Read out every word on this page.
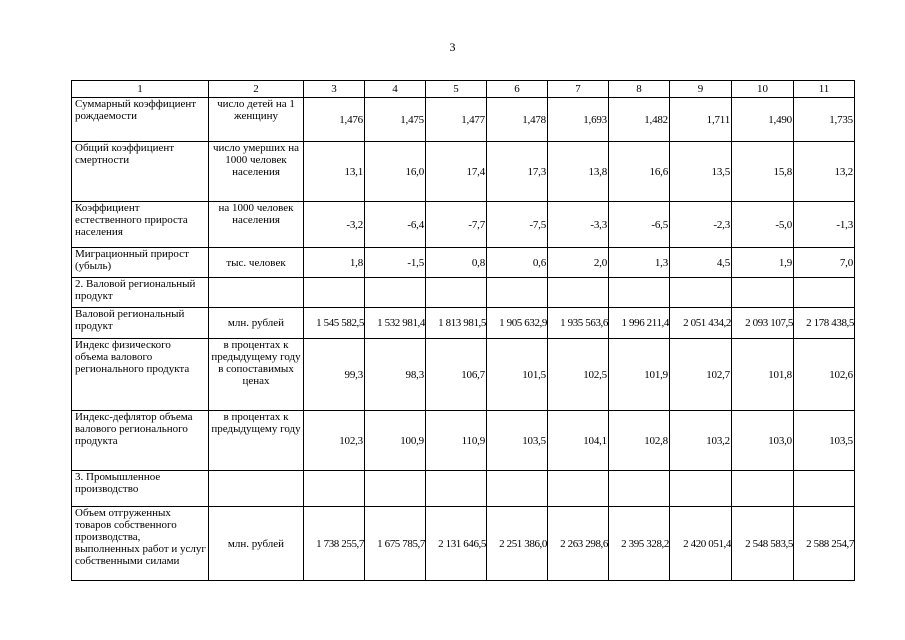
3
1	2	3	4	5	6	7	8	9	10	11
Суммарный коэффициент рождаемости	число детей на 1 женщину	1,476	1,475	1,477	1,478	1,693	1,482	1,711	1,490	1,735
Общий коэффициент смертности	число умерших на 1000 человек населения	13,1	16,0	17,4	17,3	13,8	16,6	13,5	15,8	13,2
Коэффициент естественного прироста населения	на 1000 человек населения	-3,2	-6,4	-7,7	-7,5	-3,3	-6,5	-2,3	-5,0	-1,3
Миграционный прирост (убыль)	тыс. человек	1,8	-1,5	0,8	0,6	2,0	1,3	4,5	1,9	7,0
2. Валовой региональный продукт										
Валовой региональный продукт	млн. рублей	1 545 582,5	1 532 981,4	1 813 981,5	1 905 632,9	1 935 563,6	1 996 211,4	2 051 434,2	2 093 107,5	2 178 438,5
Индекс физического объема валового регионального продукта	в процентах к предыдущему году в сопоставимых ценах	99,3	98,3	106,7	101,5	102,5	101,9	102,7	101,8	102,6
Индекс-дефлятор объема валового регионального продукта	в процентах к предыдущему году	102,3	100,9	110,9	103,5	104,1	102,8	103,2	103,0	103,5
3. Промышленное производство										
Объем отгруженных товаров собственного производства, выполненных работ и услуг собственными силами	млн. рублей	1 738 255,7	1 675 785,7	2 131 646,5	2 251 386,0	2 263 298,6	2 395 328,2	2 420 051,4	2 548 583,5	2 588 254,7
